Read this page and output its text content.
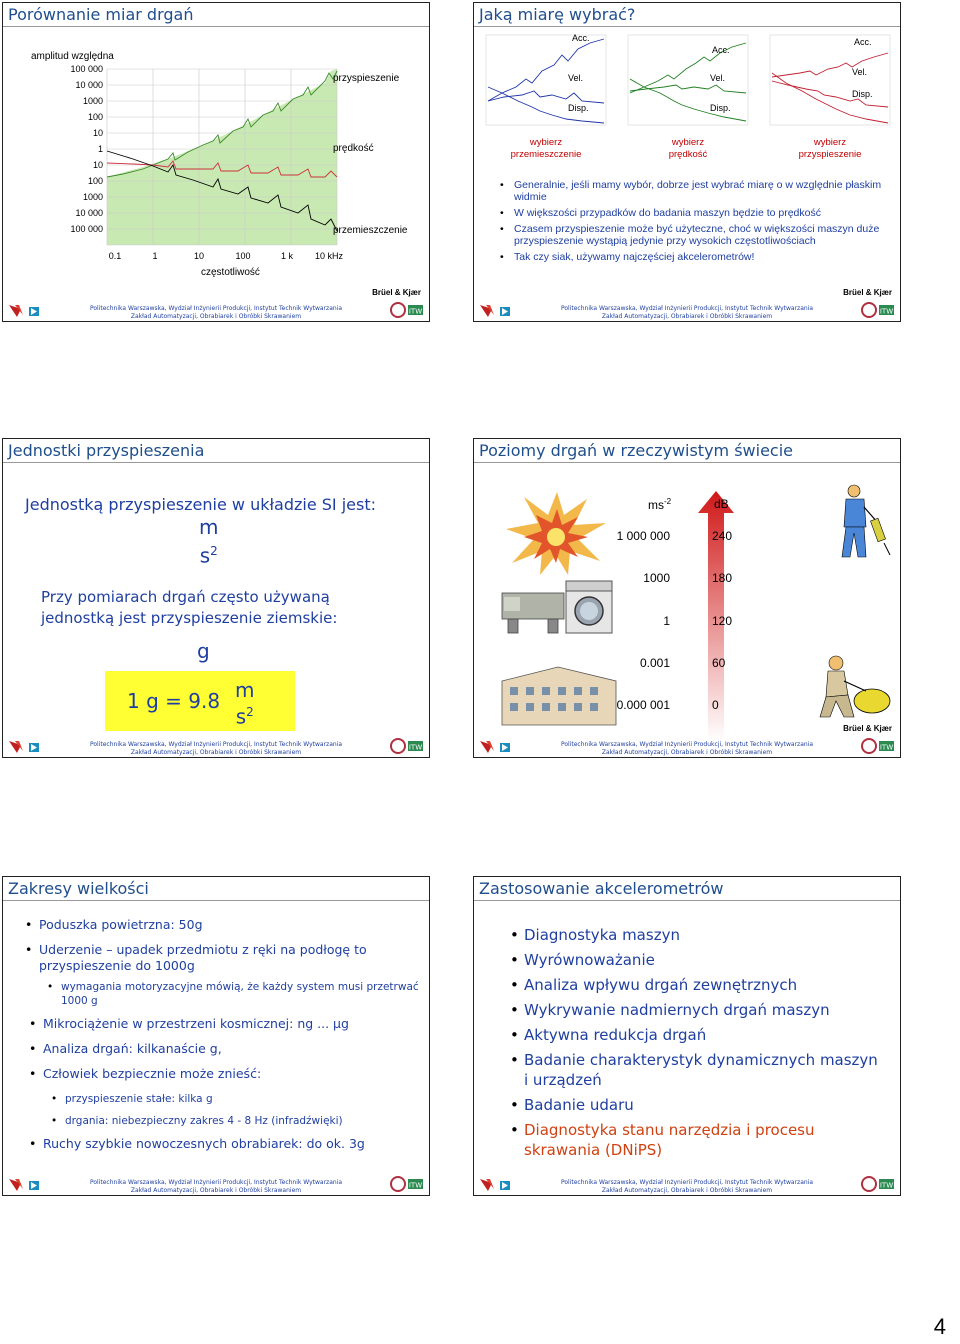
Porównanie miar drgań
amplitud względna
100 000
10 000
1000
100
10
1
10
100
1000
10 000
100 000
0.1	1	10	100	1 k 10 kHz
przyspieszenie
prędkość
przemieszczenie
częstotliwość
Brüel & Kjær
Politechnika Warszawska, Wydział Inżynierii Produkcji, Instytut Technik Wytwarzania
Zakład Automatyzacji, Obrabiarek i Obróbki Skrawaniem
ITW
Jaką miarę wybrać?
Acc.
Vel.
Disp.
wybierz
przemieszczenie
Acc.
Vel.
Disp.
wybierz
prędkość
Acc.
Vel.
Disp.
wybierz
przyspieszenie
• Generalnie, jeśli mamy wybór, dobrze jest wybrać miarę o w względnie płaskim widmie
• W większości przypadków do badania maszyn będzie to prędkość
• Czasem przyspieszenie może być użyteczne, choć w większości maszyn duże przyspieszenie wystąpią jedynie przy wysokich częstotliwościach
• Tak czy siak, używamy najczęściej akcelerometrów!
Brüel & Kjær
Politechnika Warszawska, Wydział Inżynierii Produkcji, Instytut Technik Wytwarzania
Zakład Automatyzacji, Obrabiarek i Obróbki Skrawaniem
ITW
Jednostki przyspieszenia
Jednostką przyspieszenie w układzie SI jest:
m
$s^2$
Przy pomiarach drgań często używaną
jednostką jest przyspieszenie ziemskie:
g
1 g = 9.8 m
$s^2$
Politechnika Warszawska, Wydział Inżynierii Produkcji, Instytut Technik Wytwarzania
Zakład Automatyzacji, Obrabiarek i Obróbki Skrawaniem
ITW
Poziomy drgań w rzeczywistym świecie
$ms^{-2}$	dB
1 000 000	240
1000	180
1	120
0.001	60
0.000 001	0
Brüel & Kjær
Politechnika Warszawska, Wydział Inżynierii Produkcji, Instytut Technik Wytwarzania
Zakład Automatyzacji, Obrabiarek i Obróbki Skrawaniem
ITW
Zakresy wielkości
• Poduszka powietrzna: 50g
• Uderzenie – upadek przedmiotu z ręki na podłogę to przyspieszenie do 1000g
• wymagania motoryzacyjne mówią, że każdy system musi przetrwać 1000 g
• Mikrociążenie w przestrzeni kosmicznej: ng ... µg
• Analiza drgań: kilkanaście g,
• Człowiek bezpiecznie może znieść:
• przyspieszenie stałe: kilka g
• drgania: niebezpieczny zakres 4 - 8 Hz (infradźwięki)
• Ruchy szybkie nowoczesnych obrabiarek: do ok. 3g
Politechnika Warszawska, Wydział Inżynierii Produkcji, Instytut Technik Wytwarzania
Zakład Automatyzacji, Obrabiarek i Obróbki Skrawaniem
ITW
Zastosowanie akcelerometrów
• Diagnostyka maszyn
• Wyrównoważanie
• Analiza wpływu drgań zewnętrznych
• Wykrywanie nadmiernych drgań maszyn
• Aktywna redukcja drgań
• Badanie charakterystyk dynamicznych maszyn i urządzeń
• Badanie udaru
• Diagnostyka stanu narzędzia i procesu skrawania (DNiPS)
Politechnika Warszawska, Wydział Inżynierii Produkcji, Instytut Technik Wytwarzania
Zakład Automatyzacji, Obrabiarek i Obróbki Skrawaniem
ITW
4
